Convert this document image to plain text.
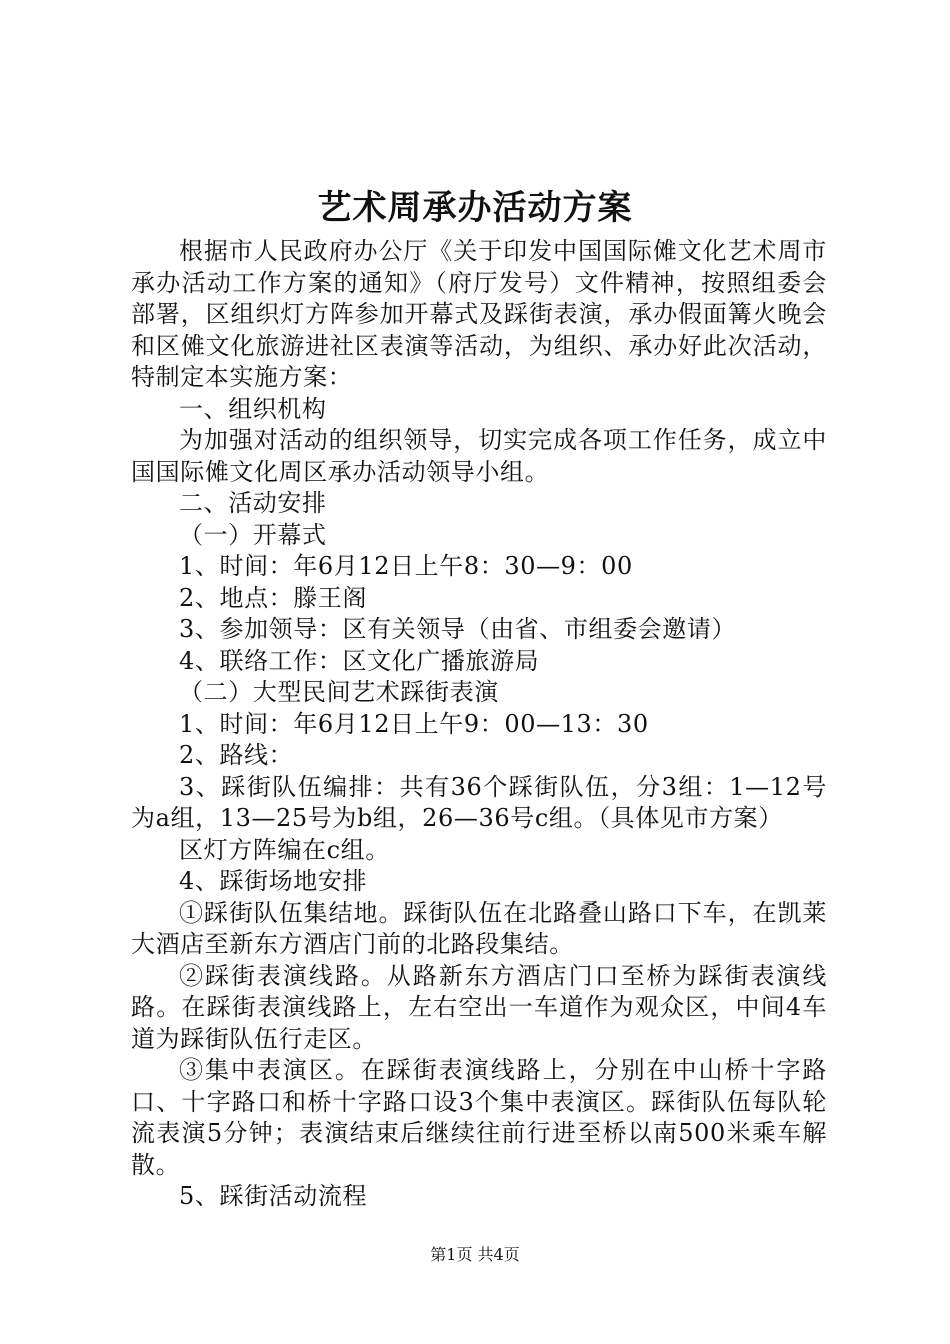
艺术周承办活动方案

根据市人民政府办公厅《关于印发中国国际傩文化艺术周市承办活动工作方案的通知》（府厅发号）文件精神，按照组委会部署，区组织灯方阵参加开幕式及踩街表演，承办假面篝火晚会和区傩文化旅游进社区表演等活动，为组织、承办好此次活动，特制定本实施方案：

一、组织机构

为加强对活动的组织领导，切实完成各项工作任务，成立中国国际傩文化周区承办活动领导小组。

二、活动安排

（一）开幕式

1、时间：年6月12日上午8：30—9：00

2、地点：滕王阁

3、参加领导：区有关领导（由省、市组委会邀请）

4、联络工作：区文化广播旅游局

（二）大型民间艺术踩街表演

1、时间：年6月12日上午9：00—13：30

2、路线：

3、踩街队伍编排：共有36个踩街队伍，分3组：1—12号为a组，13—25号为b组，26—36号c组。（具体见市方案）

区灯方阵编在c组。

4、踩街场地安排

①踩街队伍集结地。踩街队伍在北路叠山路口下车，在凯莱大酒店至新东方酒店门前的北路段集结。

②踩街表演线路。从路新东方酒店门口至桥为踩街表演线路。在踩街表演线路上，左右空出一车道作为观众区，中间4车道为踩街队伍行走区。

③集中表演区。在踩街表演线路上，分别在中山桥十字路口、十字路口和桥十字路口设3个集中表演区。踩街队伍每队轮流表演5分钟；表演结束后继续往前行进至桥以南500米乘车解散。

5、踩街活动流程

第1页 共4页
